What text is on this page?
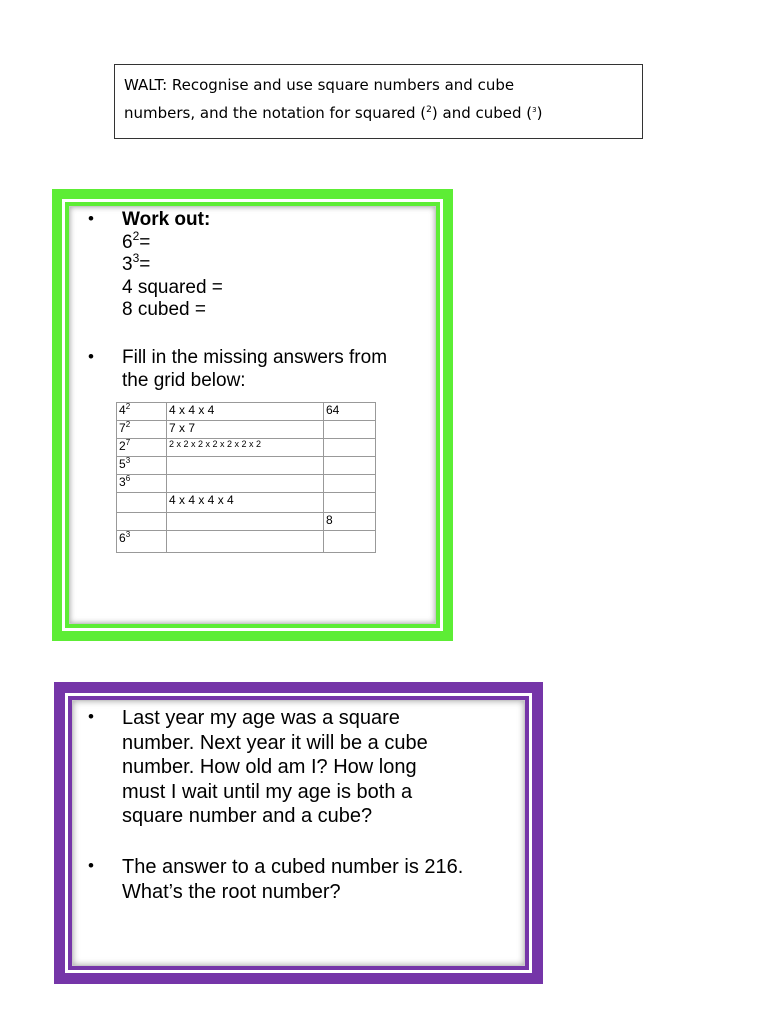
WALT: Recognise and use square numbers and cube
numbers, and the notation for squared ($^2$) and cubed ($^3$)
• Work out:
$6^2=$
$3^3=$
4 squared =
8 cubed =
• Fill in the missing answers from
the grid below:
$4^2$	4 x 4 x 4	64
$7^2$	7 x 7	
$2^7$	2 x 2 x 2 x 2 x 2 x 2 x 2	
$5^3$		
$3^6$		
	4 x 4 x 4 x 4	
		8
$6^3$		
• Last year my age was a square
number. Next year it will be a cube
number. How old am I? How long
must I wait until my age is both a
square number and a cube?
• The answer to a cubed number is 216.
What’s the root number?
